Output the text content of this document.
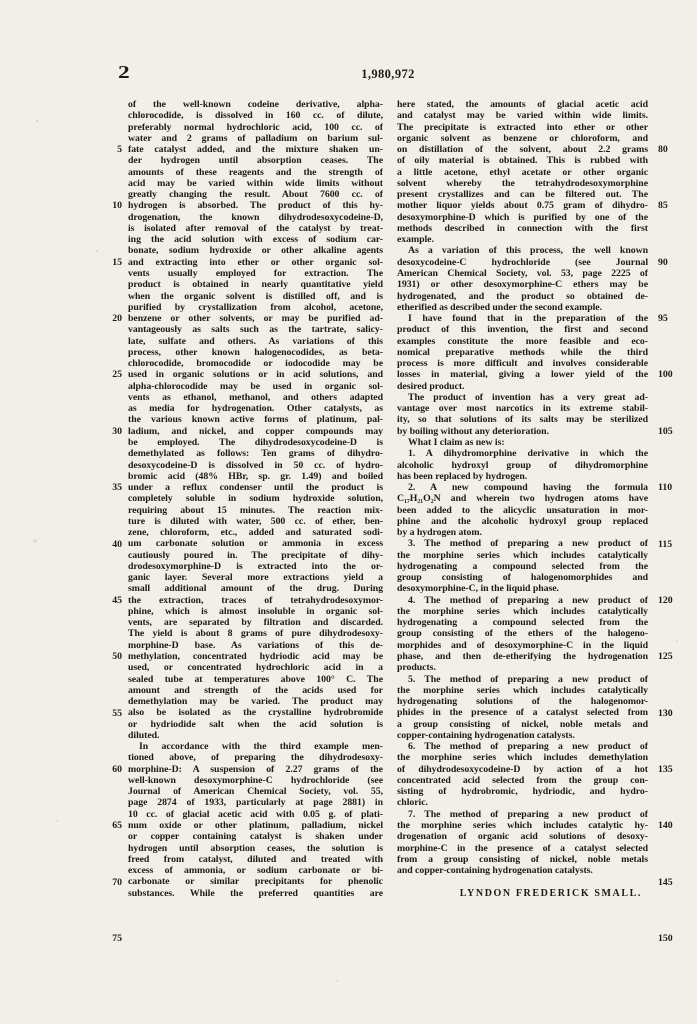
2	1,980,972
5
10
15
20
25
30
35
40
45
50
55
60
65
70
75
of the well-known codeine derivative, alpha-
chlorocodide, is dissolved in 160 cc. of dilute,
preferably normal hydrochloric acid, 100 cc. of
water and 2 grams of palladium on barium sul-
fate catalyst added, and the mixture shaken un-
der hydrogen until absorption ceases. The
amounts of these reagents and the strength of
acid may be varied within wide limits without
greatly changing the result. About 7600 cc. of
hydrogen is absorbed. The product of this hy-
drogenation, the known dihydrodesoxycodeine-D,
is isolated after removal of the catalyst by treat-
ing the acid solution with excess of sodium car-
bonate, sodium hydroxide or other alkaline agents
and extracting into ether or other organic sol-
vents usually employed for extraction. The
product is obtained in nearly quantitative yield
when the organic solvent is distilled off, and is
purified by crystallization from alcohol, acetone,
benzene or other solvents, or may be purified ad-
vantageously as salts such as the tartrate, salicy-
late, sulfate and others. As variations of this
process, other known halogenocodides, as beta-
chlorocodide, bromocodide or iodocodide may be
used in organic solutions or in acid solutions, and
alpha-chlorocodide may be used in organic sol-
vents as ethanol, methanol, and others adapted
as media for hydrogenation. Other catalysts, as
the various known active forms of platinum, pal-
ladium, and nickel, and copper compounds may
be employed. The dihydrodesoxycodeine-D is
demethylated as follows: Ten grams of dihydro-
desoxycodeine-D is dissolved in 50 cc. of hydro-
bromic acid (48% HBr, sp. gr. 1.49) and boiled
under a reflux condenser until the product is
completely soluble in sodium hydroxide solution,
requiring about 15 minutes. The reaction mix-
ture is diluted with water, 500 cc. of ether, ben-
zene, chloroform, etc., added and saturated sodi-
um carbonate solution or ammonia in excess
cautiously poured in. The precipitate of dihy-
drodesoxymorphine-D is extracted into the or-
ganic layer. Several more extractions yield a
small additional amount of the drug. During
the extraction, traces of tetrahydrodesoxymor-
phine, which is almost insoluble in organic sol-
vents, are separated by filtration and discarded.
The yield is about 8 grams of pure dihydrodesoxy-
morphine-D base. As variations of this de-
methylation, concentrated hydriodic acid may be
used, or concentrated hydrochloric acid in a
sealed tube at temperatures above 100° C. The
amount and strength of the acids used for
demethylation may be varied. The product may
also be isolated as the crystalline hydrobromide
or hydriodide salt when the acid solution is
diluted.
In accordance with the third example men-
tioned above, of preparing the dihydrodesoxy-
morphine-D: A suspension of 2.27 grams of the
well-known desoxymorphine-C hydrochloride (see
Journal of American Chemical Society, vol. 55,
page 2874 of 1933, particularly at page 2881) in
10 cc. of glacial acetic acid with 0.05 g. of plati-
num oxide or other platinum, palladium, nickel
or copper containing catalyst is shaken under
hydrogen until absorption ceases, the solution is
freed from catalyst, diluted and treated with
excess of ammonia, or sodium carbonate or bi-
carbonate or similar precipitants for phenolic
substances. While the preferred quantities are
here stated, the amounts of glacial acetic acid
and catalyst may be varied within wide limits.
The precipitate is extracted into ether or other
organic solvent as benzene or chloroform, and
on distillation of the solvent, about 2.2 grams
of oily material is obtained. This is rubbed with
a little acetone, ethyl acetate or other organic
solvent whereby the tetrahydrodesoxymorphine
present crystallizes and can be filtered out. The
mother liquor yields about 0.75 gram of dihydro-
desoxymorphine-D which is purified by one of the
methods described in connection with the first
example.
As a variation of this process, the well known
desoxycodeine-C hydrochloride (see Journal
American Chemical Society, vol. 53, page 2225 of
1931) or other desoxymorphine-C ethers may be
hydrogenated, and the product so obtained de-
etherified as described under the second example.
I have found that in the preparation of the
product of this invention, the first and second
examples constitute the more feasible and eco-
nomical preparative methods while the third
process is more difficult and involves considerable
losses in material, giving a lower yield of the
desired product.
The product of invention has a very great ad-
vantage over most narcotics in its extreme stabil-
ity, so that solutions of its salts may be sterilized
by boiling without any deterioration.
What I claim as new is:
1. A dihydromorphine derivative in which the
alcoholic hydroxyl group of dihydromorphine
has been replaced by hydrogen.
2. A new compound having the formula
C₁₇H₂₁O₂N and wherein two hydrogen atoms have
been added to the alicyclic unsaturation in mor-
phine and the alcoholic hydroxyl group replaced
by a hydrogen atom.
3. The method of preparing a new product of
the morphine series which includes catalytically
hydrogenating a compound selected from the
group consisting of halogenomorphides and
desoxymorphine-C, in the liquid phase.
4. The method of preparing a new product of
the morphine series which includes catalytically
hydrogenating a compound selected from the
group consisting of the ethers of the halogeno-
morphides and of desoxymorphine-C in the liquid
phase, and then de-etherifying the hydrogenation
products.
5. The method of preparing a new product of
the morphine series which includes catalytically
hydrogenating solutions of the halogenomor-
phides in the presence of a catalyst selected from
a group consisting of nickel, noble metals and
copper-containing hydrogenation catalysts.
6. The method of preparing a new product of
the morphine series which includes demethylation
of dihydrodesoxycodeine-D by action of a hot
concentrated acid selected from the group con-
sisting of hydrobromic, hydriodic, and hydro-
chloric.
7. The method of preparing a new product of
the morphine series which includes catalytic hy-
drogenation of organic acid solutions of desoxy-
morphine-C in the presence of a catalyst selected
from a group consisting of nickel, noble metals
and copper-containing hydrogenation catalysts.
80
85
90
95
100
105
110
115
120
125
130
135
140
145
150
LYNDON FREDERICK SMALL.
